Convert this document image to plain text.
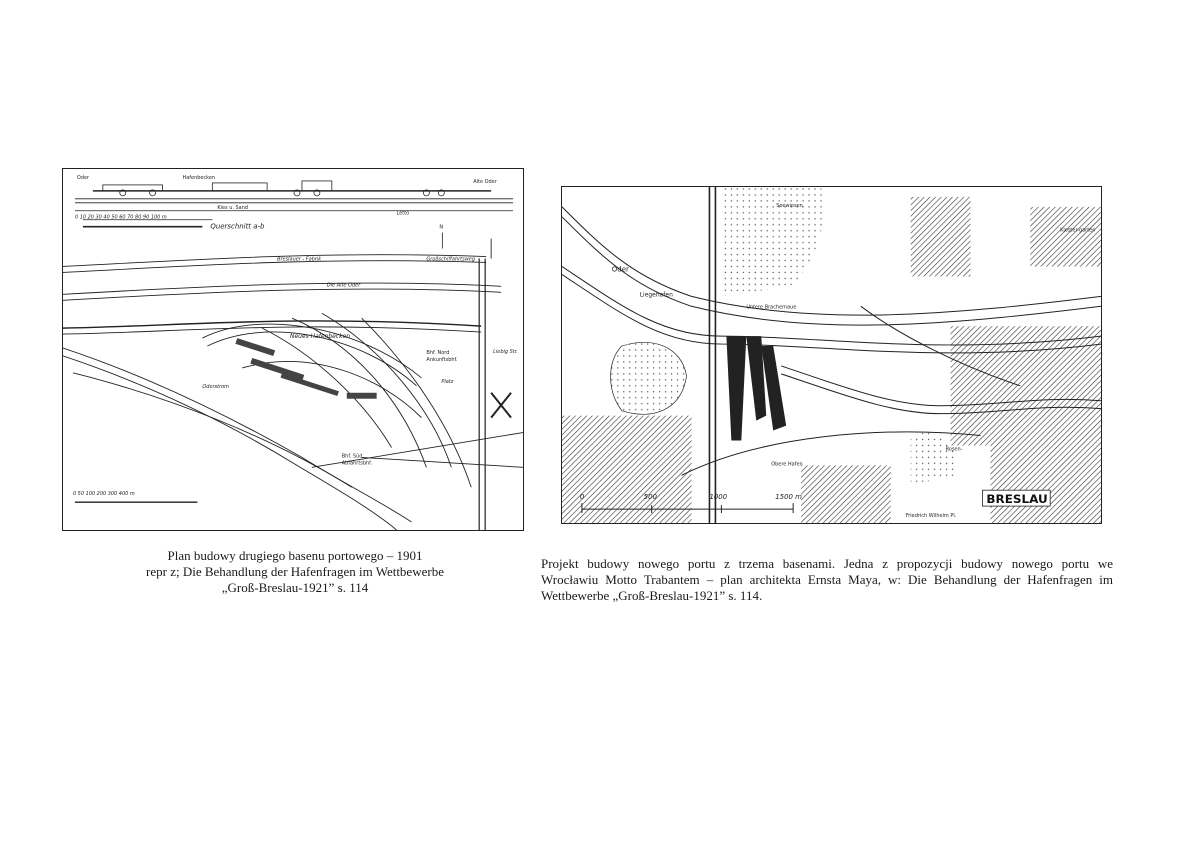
Oder	Hafenbecken
Alte Oder
Kies u. Sand
Letto
0 10 20 30 40 50 60 70 80 90 100 m
Querschnitt a-b	N
Breslauer - Fabrik	Großschiffahrtsweg
Die Alte Oder
Neues Hafenbecken
Bhf. Nord
Ankunftsbhf.
Oderstrom
Bhf. Süd
Abfahrtsbhf.
Liebig Str.
Platz
0 50 100 200 300 400 m
Seewiesen
Liegehafen
Oder
Kloster-garten
Untere Brachemaue
Obere Hafen
Rosen-
Friedrich Wilhelm Pl.
BRESLAU
0	500	1000	1500 m
Plan budowy drugiego basenu portowego – 1901
repr z; Die Behandlung der Hafenfragen im Wettbewerbe
„Groß-Breslau-1921” s. 114
Projekt budowy nowego portu z trzema basenami. Jedna z propozycji budowy nowego portu we
Wrocławiu Motto Trabantem – plan architekta Ernsta Maya, w: Die Behandlung der Hafenfragen im
Wettbewerbe „Groß-Breslau-1921” s. 114.
